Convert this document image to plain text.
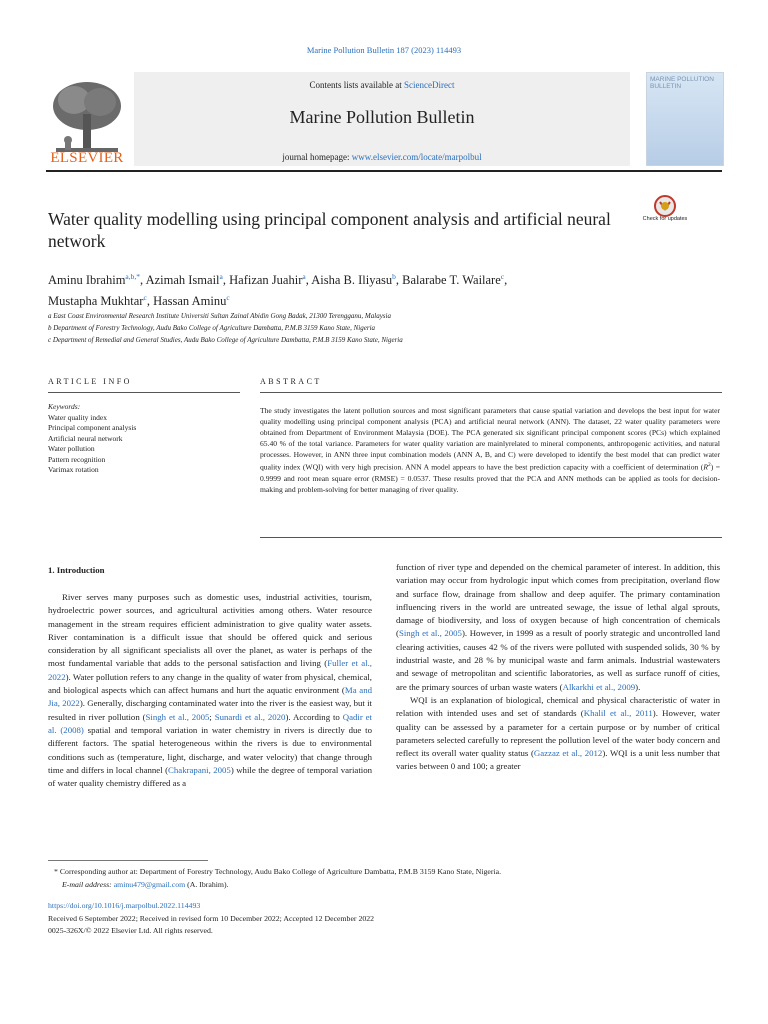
Marine Pollution Bulletin 187 (2023) 114493
ELSEVIER
Contents lists available at ScienceDirect
Marine Pollution Bulletin
journal homepage: www.elsevier.com/locate/marpolbul
MARINE POLLUTION BULLETIN
Water quality modelling using principal component analysis and artificial neural network
Check for updates
Aminu Ibrahim$^{a,b,*}$, Azimah Ismail$^a$, Hafizan Juahir$^a$, Aisha B. Iliyasu$^b$, Balarabe T. Wailare$^c$,
Mustapha Mukhtar$^c$, Hassan Aminu$^c$
a East Coast Environmental Research Institute Universiti Sultan Zainal Abidin Gong Badak, 21300 Terengganu, Malaysia
b Department of Forestry Technology, Audu Bako College of Agriculture Dambatta, P.M.B 3159 Kano State, Nigeria
c Department of Remedial and General Studies, Audu Bako College of Agriculture Dambatta, P.M.B 3159 Kano State, Nigeria
ARTICLE INFO	ABSTRACT
Keywords:
Water quality index
Principal component analysis
Artificial neural network
Water pollution
Pattern recognition
Varimax rotation
The study investigates the latent pollution sources and most significant parameters that cause spatial variation and develops the best input for water quality modelling using principal component analysis (PCA) and artificial neural network (ANN). The dataset, 22 water quality parameters were obtained from Department of Environment Malaysia (DOE). The PCA generated six significant principal component scores (PCs) which explained 65.40 % of the total variance. Parameters for water quality variation are mainlyrelated to mineral components, anthropogenic activities, and natural processes. However, in ANN three input combination models (ANN A, B, and C) were developed to identify the best model that can predict water quality index (WQI) with very high precision. ANN A model appears to have the best prediction capacity with a coefficient of determination $(R^2) = 0.9999$ and root mean square error (RMSE) = 0.0537. These results proved that the PCA and ANN methods can be applied as tools for decision-making and problem-solving for better managing of river quality.
1. Introduction

River serves many purposes such as domestic uses, industrial activities, tourism, hydroelectric power sources, and agricultural activities among others. Water resource management in the stream requires efficient administration to give quality water assets. River contamination is a difficult issue that should be offered quick and serious consideration by all significant specialists all over the planet, as water is perhaps of the most fundamental variable that adds to the personal satisfaction and living (Fuller et al., 2022). Water pollution refers to any change in the quality of water from physical, chemical, and biological aspects which can affect humans and hurt the aquatic environment (Ma and Jia, 2022). Generally, discharging contaminated water into the river is the easiest way, but it resulted in river pollution (Singh et al., 2005; Sunardi et al., 2020). According to Qadir et al. (2008) spatial and temporal variation in water chemistry in rivers is directly due to different factors. The spatial heterogeneous within the rivers is due to environmental conditions such as (temperature, light, discharge, and water velocity) that change through time and differs in local channel (Chakrapani, 2005) while the degree of temporal variation of water quality chemistry differed as a

function of river type and depended on the chemical parameter of interest. In addition, this variation may occur from hydrologic input which comes from precipitation, overland flow and surface flow, drainage from shallow and deep aquifer. The primary contamination influencing rivers in the world are untreated sewage, the issue of lethal algal sprouts, damage of biodiversity, and loss of oxygen because of high concentration of chemicals (Singh et al., 2005). However, in 1999 as a result of poorly strategic and uncontrolled land clearing activities, causes 42 % of the rivers were polluted with suspended solids, 30 % by industrial waste, and 28 % by municipal waste and farm animals. Industrial wastewaters and sewage of metropolitan and scientific laboratories, as well as surface runoff of cities, are the primary sources of urban waste waters (Alkarkhi et al., 2009).

WQI is an explanation of biological, chemical and physical characteristic of water in relation with intended uses and set of standards (Khalil et al., 2011). However, water quality can be assessed by a parameter for a certain purpose or by number of critical parameters selected carefully to represent the pollution level of the water body concern and reflect its overall water quality status (Gazzaz et al., 2012). WQI is a unit less number that varies between 0 and 100; a greater

* Corresponding author at: Department of Forestry Technology, Audu Bako College of Agriculture Dambatta, P.M.B 3159 Kano State, Nigeria.
E-mail address: aminu479@gmail.com (A. Ibrahim).
https://doi.org/10.1016/j.marpolbul.2022.114493
Received 6 September 2022; Received in revised form 10 December 2022; Accepted 12 December 2022
0025-326X/© 2022 Elsevier Ltd. All rights reserved.
